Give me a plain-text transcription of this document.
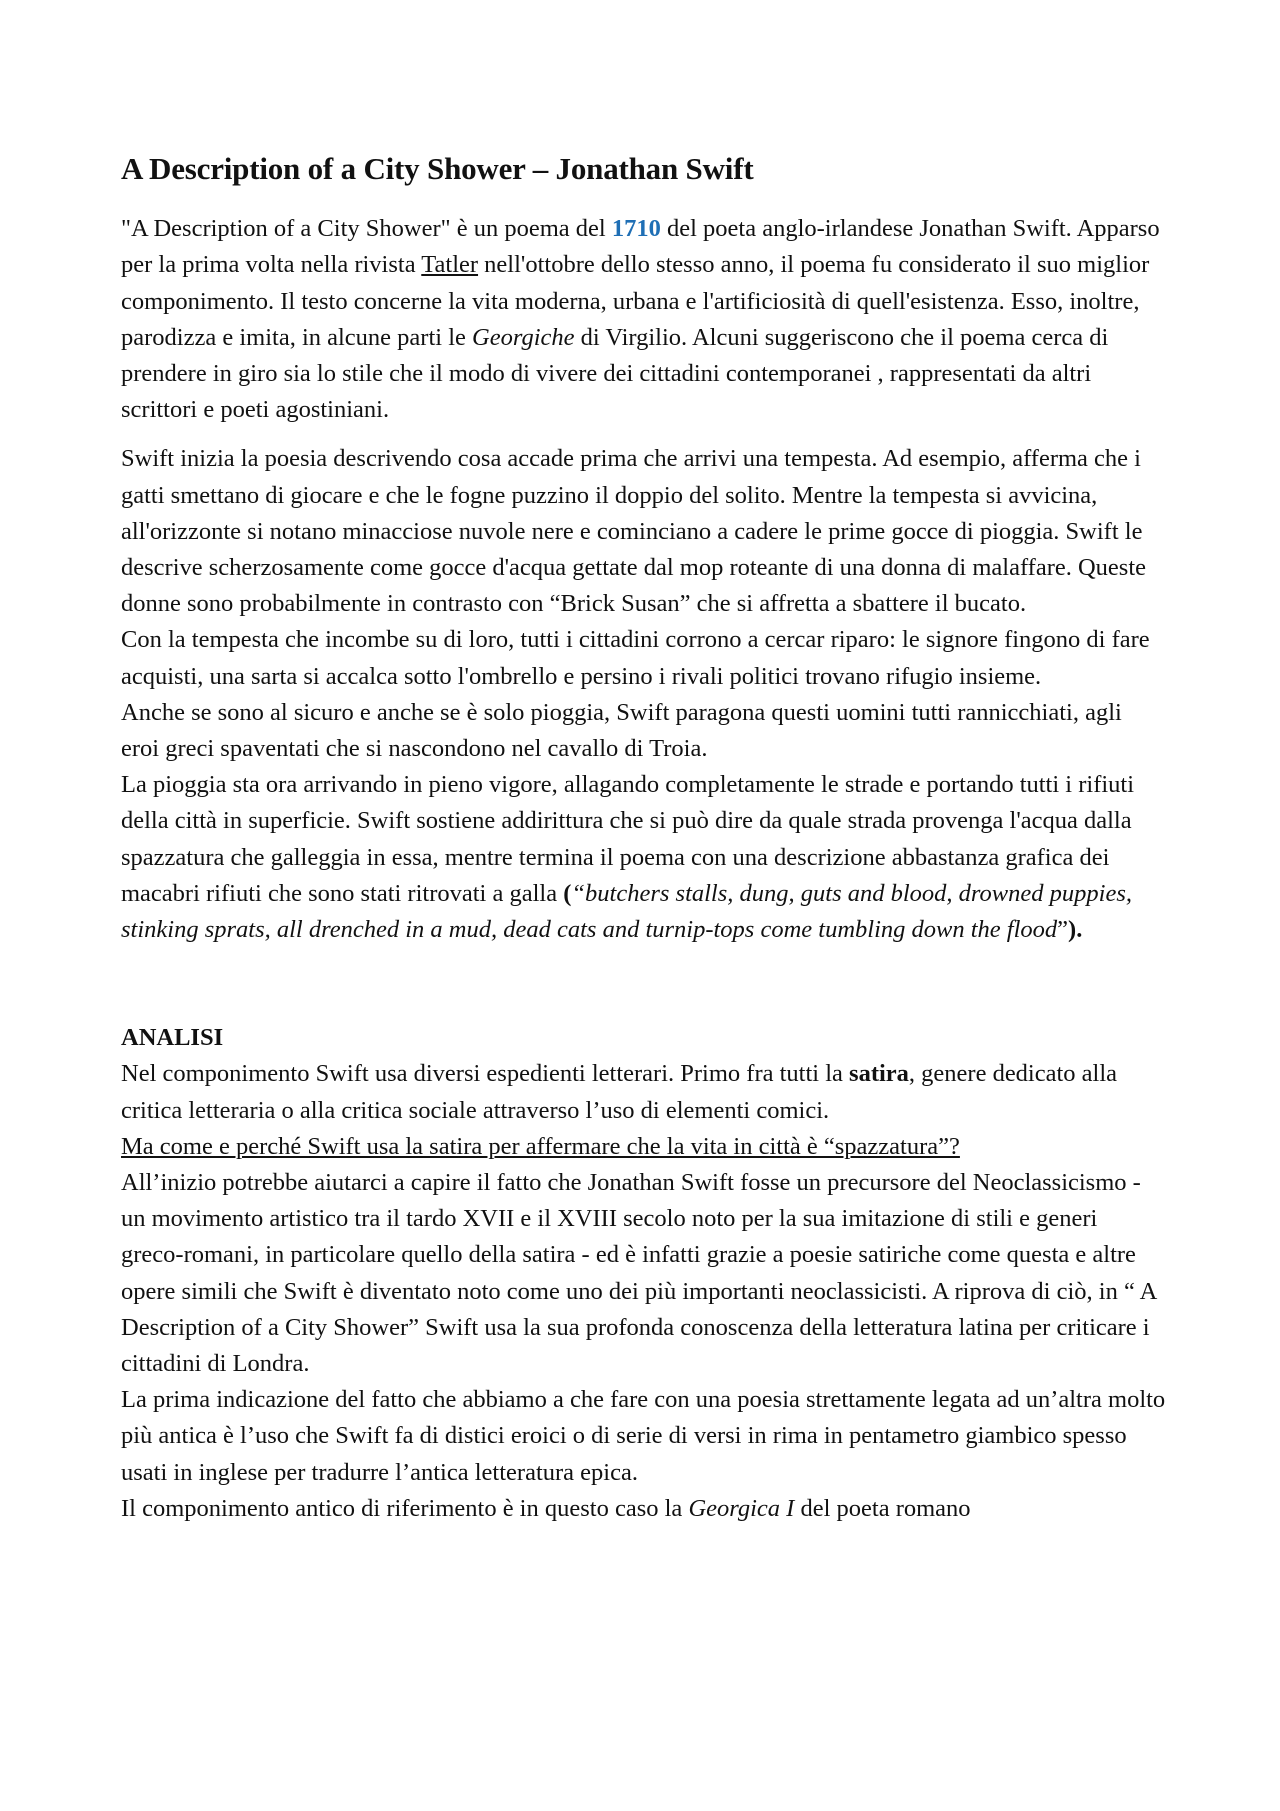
A Description of a City Shower – Jonathan Swift

"A Description of a City Shower" è un poema del 1710 del poeta anglo-irlandese Jonathan Swift. Apparso per la prima volta nella rivista Tatler nell'ottobre dello stesso anno, il poema fu considerato il suo miglior componimento. Il testo concerne la vita moderna, urbana e l'artificiosità di quell'esistenza. Esso, inoltre, parodizza e imita, in alcune parti le Georgiche di Virgilio. Alcuni suggeriscono che il poema cerca di prendere in giro sia lo stile che il modo di vivere dei cittadini contemporanei , rappresentati da altri scrittori e poeti agostiniani.

Swift inizia la poesia descrivendo cosa accade prima che arrivi una tempesta. Ad esempio, afferma che i gatti smettano di giocare e che le fogne puzzino il doppio del solito. Mentre la tempesta si avvicina, all'orizzonte si notano minacciose nuvole nere e cominciano a cadere le prime gocce di pioggia. Swift le descrive scherzosamente come gocce d'acqua gettate dal mop roteante di una donna di malaffare. Queste donne sono probabilmente in contrasto con “Brick Susan” che si affretta a sbattere il bucato.

Con la tempesta che incombe su di loro, tutti i cittadini corrono a cercar riparo: le signore fingono di fare acquisti, una sarta si accalca sotto l'ombrello e persino i rivali politici trovano rifugio insieme.

Anche se sono al sicuro e anche se è solo pioggia, Swift paragona questi uomini tutti rannicchiati, agli eroi greci spaventati che si nascondono nel cavallo di Troia.

La pioggia sta ora arrivando in pieno vigore, allagando completamente le strade e portando tutti i rifiuti della città in superficie. Swift sostiene addirittura che si può dire da quale strada provenga l'acqua dalla spazzatura che galleggia in essa, mentre termina il poema con una descrizione abbastanza grafica dei macabri rifiuti che sono stati ritrovati a galla (“butchers stalls, dung, guts and blood, drowned puppies, stinking sprats, all drenched in a mud, dead cats and turnip-tops come tumbling down the flood”).

ANALISI

Nel componimento Swift usa diversi espedienti letterari. Primo fra tutti la satira, genere dedicato alla critica letteraria o alla critica sociale attraverso l’uso di elementi comici.

Ma come e perché Swift usa la satira per affermare che la vita in città è “spazzatura”?

All’inizio potrebbe aiutarci a capire il fatto che Jonathan Swift fosse un precursore del Neoclassicismo - un movimento artistico tra il tardo XVII e il XVIII secolo noto per la sua imitazione di stili e generi greco-romani, in particolare quello della satira - ed è infatti grazie a poesie satiriche come questa e altre opere simili che Swift è diventato noto come uno dei più importanti neoclassicisti. A riprova di ciò, in “ A Description of a City Shower” Swift usa la sua profonda conoscenza della letteratura latina per criticare i cittadini di Londra.

La prima indicazione del fatto che abbiamo a che fare con una poesia strettamente legata ad un’altra molto più antica è l’uso che Swift fa di distici eroici o di serie di versi in rima in pentametro giambico spesso usati in inglese per tradurre l’antica letteratura epica.

Il componimento antico di riferimento è in questo caso la Georgica I del poeta romano
